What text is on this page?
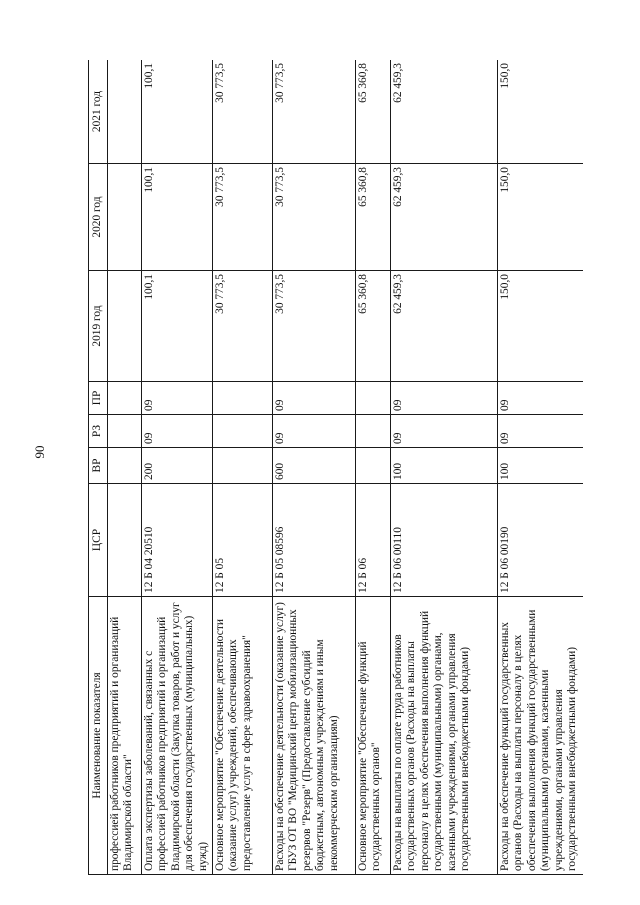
90
Наименование показателя	ЦСР	ВР	РЗ	ПР	2019 год	2020 год	2021 год
профессией работников предприятий и организаций Владимирской области"							
Оплата экспертизы заболеваний, связанных с профессией работников предприятий и организаций Владимирской области (Закупка товаров, работ и услуг для обеспечения государственных (муниципальных) нужд)	12 Б 04 20510	200	09	09	100,1	100,1	100,1
Основное мероприятие "Обеспечение деятельности (оказание услуг) учреждений, обеспечивающих предоставление услуг в сфере здравоохранения"	12 Б 05				30 773,5	30 773,5	30 773,5
Расходы на обеспечение деятельности (оказание услуг) ГБУЗ ОТ ВО "Медицинский центр мобилизационных резервов "Резерв" (Предоставление субсидий бюджетным, автономным учреждениям и иным некоммерческим организациям)	12 Б 05 08596	600	09	09	30 773,5	30 773,5	30 773,5
Основное мероприятие "Обеспечение функций государственных органов"	12 Б 06				65 360,8	65 360,8	65 360,8
Расходы на выплаты по оплате труда работников государственных органов (Расходы на выплаты персоналу в целях обеспечения выполнения функций государственными (муниципальными) органами, казенными учреждениями, органами управления государственными внебюджетными фондами)	12 Б 06 00110	100	09	09	62 459,3	62 459,3	62 459,3
Расходы на обеспечение функций государственных органов (Расходы на выплаты персоналу в целях обеспечения выполнения функций государственными (муниципальными) органами, казенными учреждениями, органами управления государственными внебюджетными фондами)	12 Б 06 00190	100	09	09	150,0	150,0	150,0
